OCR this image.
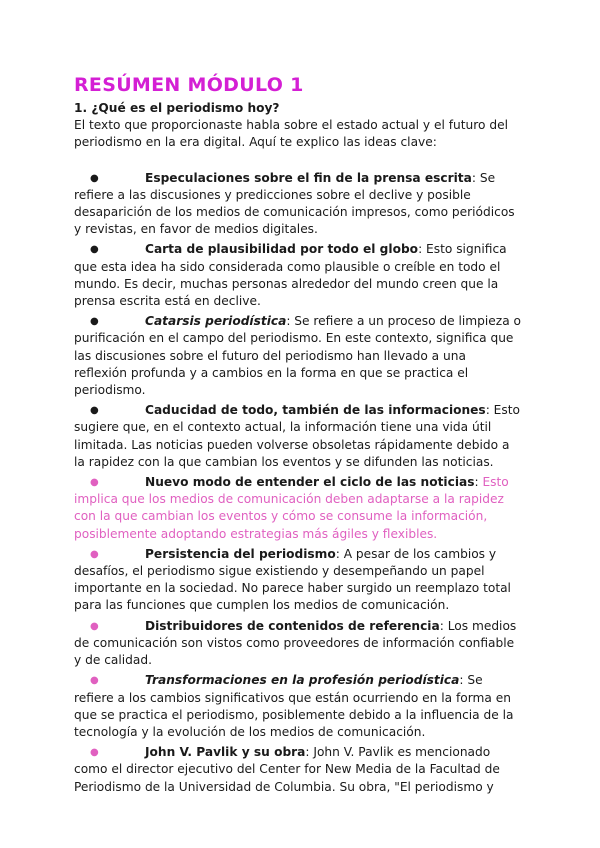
RESÚMEN MÓDULO 1

1. ¿Qué es el periodismo hoy?

El texto que proporcionaste habla sobre el estado actual y el futuro del periodismo en la era digital. Aquí te explico las ideas clave:

●	Especulaciones sobre el fin de la prensa escrita: Se refiere a las discusiones y predicciones sobre el declive y posible desaparición de los medios de comunicación impresos, como periódicos y revistas, en favor de medios digitales.
●	Carta de plausibilidad por todo el globo: Esto significa que esta idea ha sido considerada como plausible o creíble en todo el mundo. Es decir, muchas personas alrededor del mundo creen que la prensa escrita está en declive.
●	Catarsis periodística: Se refiere a un proceso de limpieza o purificación en el campo del periodismo. En este contexto, significa que las discusiones sobre el futuro del periodismo han llevado a una reflexión profunda y a cambios en la forma en que se practica el periodismo.
●	Caducidad de todo, también de las informaciones: Esto sugiere que, en el contexto actual, la información tiene una vida útil limitada. Las noticias pueden volverse obsoletas rápidamente debido a la rapidez con la que cambian los eventos y se difunden las noticias.
●	Nuevo modo de entender el ciclo de las noticias: Esto implica que los medios de comunicación deben adaptarse a la rapidez con la que cambian los eventos y cómo se consume la información, posiblemente adoptando estrategias más ágiles y flexibles.
●	Persistencia del periodismo: A pesar de los cambios y desafíos, el periodismo sigue existiendo y desempeñando un papel importante en la sociedad. No parece haber surgido un reemplazo total para las funciones que cumplen los medios de comunicación.
●	Distribuidores de contenidos de referencia: Los medios de comunicación son vistos como proveedores de información confiable y de calidad.
●	Transformaciones en la profesión periodística: Se refiere a los cambios significativos que están ocurriendo en la forma en que se practica el periodismo, posiblemente debido a la influencia de la tecnología y la evolución de los medios de comunicación.
●	John V. Pavlik y su obra: John V. Pavlik es mencionado como el director ejecutivo del Center for New Media de la Facultad de Periodismo de la Universidad de Columbia. Su obra, "El periodismo y
